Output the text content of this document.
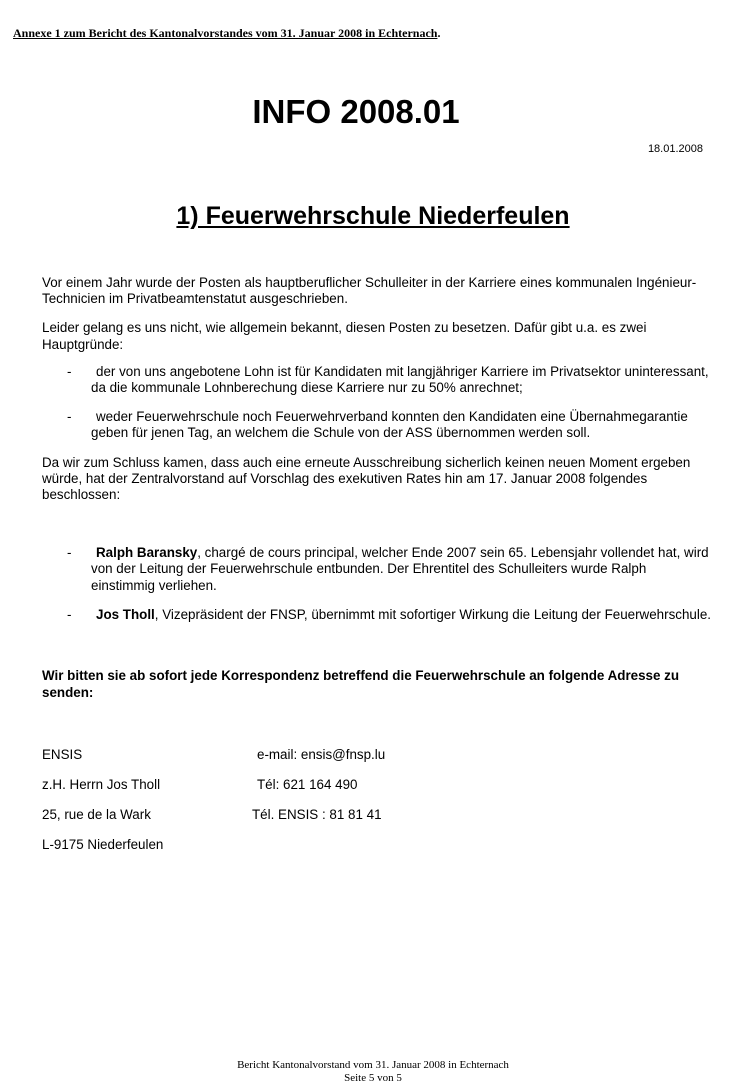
Annexe 1 zum Bericht des Kantonalvorstandes vom 31. Januar 2008 in Echternach.
INFO 2008.01
18.01.2008
1) Feuerwehrschule Niederfeulen

Vor einem Jahr wurde der Posten als hauptberuflicher Schulleiter in der Karriere eines kommunalen Ingénieur-Technicien im Privatbeamtenstatut ausgeschrieben.

Leider gelang es uns nicht, wie allgemein bekannt, diesen Posten zu besetzen. Dafür gibt u.a. es zwei Hauptgründe:

- der von uns angebotene Lohn ist für Kandidaten mit langjähriger Karriere im Privatsektor uninteressant, da die kommunale Lohnberechung diese Karriere nur zu 50% anrechnet;
- weder Feuerwehrschule noch Feuerwehrverband konnten den Kandidaten eine Übernahmegarantie geben für jenen Tag, an welchem die Schule von der ASS übernommen werden soll.

Da wir zum Schluss kamen, dass auch eine erneute Ausschreibung sicherlich keinen neuen Moment ergeben würde, hat der Zentralvorstand auf Vorschlag des exekutiven Rates hin am 17. Januar 2008 folgendes beschlossen:

- Ralph Baransky, chargé de cours principal, welcher Ende 2007 sein 65. Lebensjahr vollendet hat, wird von der Leitung der Feuerwehrschule entbunden. Der Ehrentitel des Schulleiters wurde Ralph einstimmig verliehen.
- Jos Tholl, Vizepräsident der FNSP, übernimmt mit sofortiger Wirkung die Leitung der Feuerwehrschule.

Wir bitten sie ab sofort jede Korrespondenz betreffend die Feuerwehrschule an folgende Adresse zu senden:

ENSIS	e-mail: ensis@fnsp.lu
z.H. Herrn Jos Tholl	Tél: 621 164 490
25, rue de la Wark	Tél. ENSIS : 81 81 41
L-9175 Niederfeulen
Bericht Kantonalvorstand vom 31. Januar 2008 in Echternach
Seite 5 von 5
